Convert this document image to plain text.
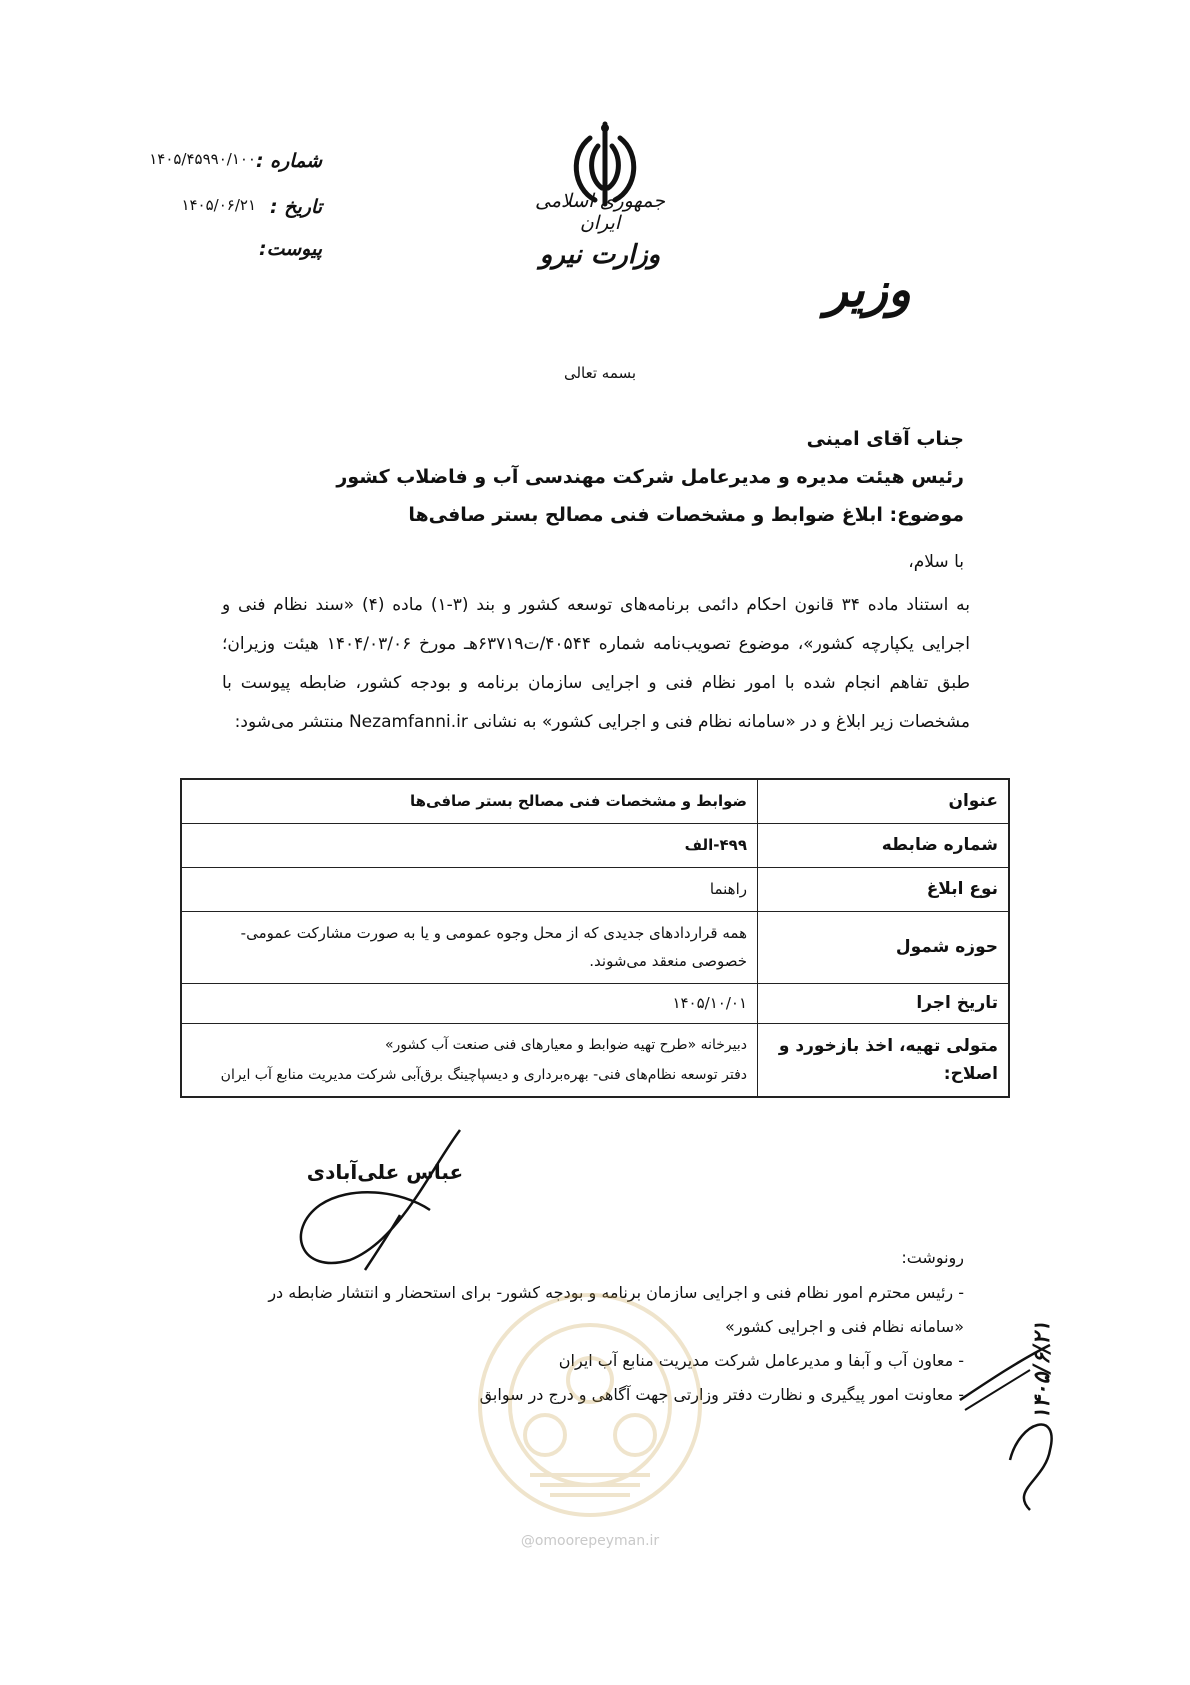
جمهوری اسلامی ایران
وزارت نیرو
وزیر
شماره :
۱۴۰۵/۴۵۹۹۰/۱۰۰
تاریخ :
۱۴۰۵/۰۶/۲۱
پیوست:
بسمه تعالی
جناب آقای امینی
رئیس هیئت مدیره و مدیرعامل شرکت مهندسی آب و فاضلاب کشور
موضوع: ابلاغ ضوابط و مشخصات فنی مصالح بستر صافی‌ها
با سلام،
به استناد ماده ۳۴ قانون احکام دائمی برنامه‌های توسعه کشور و بند (۳-۱) ماده (۴) «سند نظام فنی و اجرایی یکپارچه کشور»، موضوع تصویب‌نامه شماره ۴۰۵۴۴/ت۶۳۷۱۹هـ مورخ ۱۴۰۴/۰۳/۰۶ هیئت وزیران؛ طبق تفاهم انجام شده با امور نظام فنی و اجرایی سازمان برنامه و بودجه کشور، ضابطه پیوست با مشخصات زیر ابلاغ و در «سامانه نظام فنی و اجرایی کشور» به نشانی Nezamfanni.ir منتشر می‌شود:
عنوان	ضوابط و مشخصات فنی مصالح بستر صافی‌ها
شماره ضابطه	۴۹۹-الف
نوع ابلاغ	راهنما
حوزه شمول	همه قراردادهای جدیدی که از محل وجوه عمومی و یا به صورت مشارکت عمومی-خصوصی منعقد می‌شوند.
تاریخ اجرا	۱۴۰۵/۱۰/۰۱
متولی تهیه، اخذ بازخورد و اصلاح:	دبیرخانه «طرح تهیه ضوابط و معیارهای فنی صنعت آب کشور»
دفتر توسعه نظام‌های فنی- بهره‌برداری و دیسپاچینگ برق‌آبی شرکت مدیریت منابع آب ایران
عباس علی‌آبادی
رونوشت:
- رئیس محترم امور نظام فنی و اجرایی سازمان برنامه و بودجه کشور- برای استحضار و انتشار ضابطه در «سامانه نظام فنی و اجرایی کشور»
- معاون آب و آبفا و مدیرعامل شرکت مدیریت منابع آب ایران
- معاونت امور پیگیری و نظارت دفتر وزارتی جهت آگاهی و درج در سوابق
@omoorepeyman.ir
۱۴۰۵/۶/۲۱
